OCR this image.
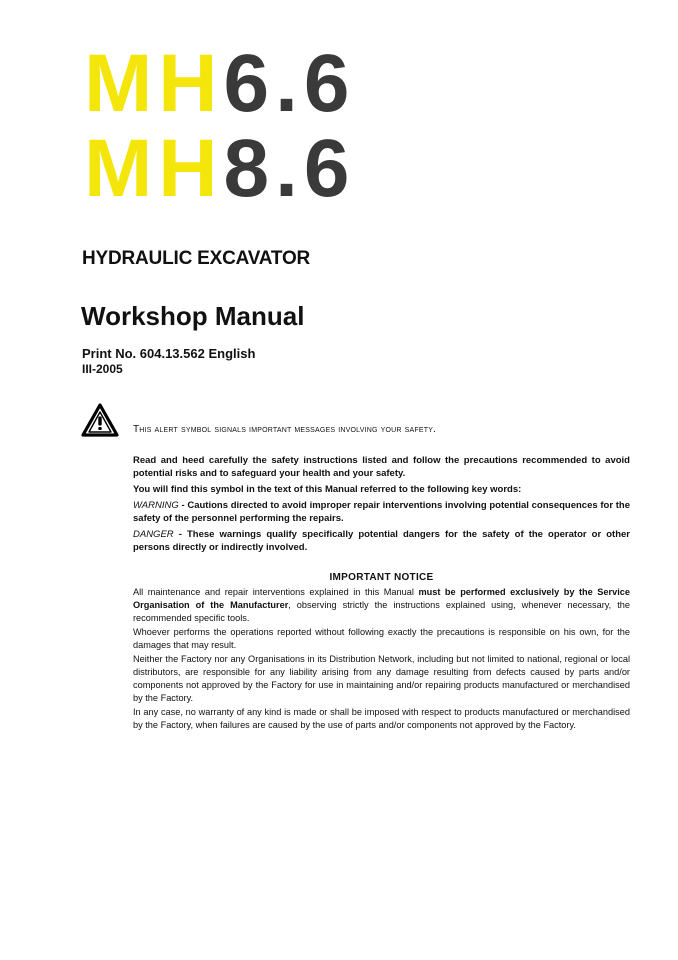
MH6.6
MH8.6
HYDRAULIC EXCAVATOR
Workshop Manual
Print No. 604.13.562 English
III-2005
This alert symbol signals important messages involving your safety.

Read and heed carefully the safety instructions listed and follow the precautions recommended to avoid potential risks and to safeguard your health and your safety.

You will find this symbol in the text of this Manual referred to the following key words:

WARNING - Cautions directed to avoid improper repair interventions involving potential consequences for the safety of the personnel performing the repairs.

DANGER - These warnings qualify specifically potential dangers for the safety of the operator or other persons directly or indirectly involved.

IMPORTANT NOTICE

All maintenance and repair interventions explained in this Manual must be performed exclusively by the Service Organisation of the Manufacturer, observing strictly the instructions explained using, whenever necessary, the recommended specific tools.

Whoever performs the operations reported without following exactly the precautions is responsible on his own, for the damages that may result.

Neither the Factory nor any Organisations in its Distribution Network, including but not limited to national, regional or local distributors, are responsible for any liability arising from any damage resulting from defects caused by parts and/or components not approved by the Factory for use in maintaining and/or repairing products manufactured or merchandised by the Factory.

In any case, no warranty of any kind is made or shall be imposed with respect to products manufactured or merchandised by the Factory, when failures are caused by the use of parts and/or components not approved by the Factory.
